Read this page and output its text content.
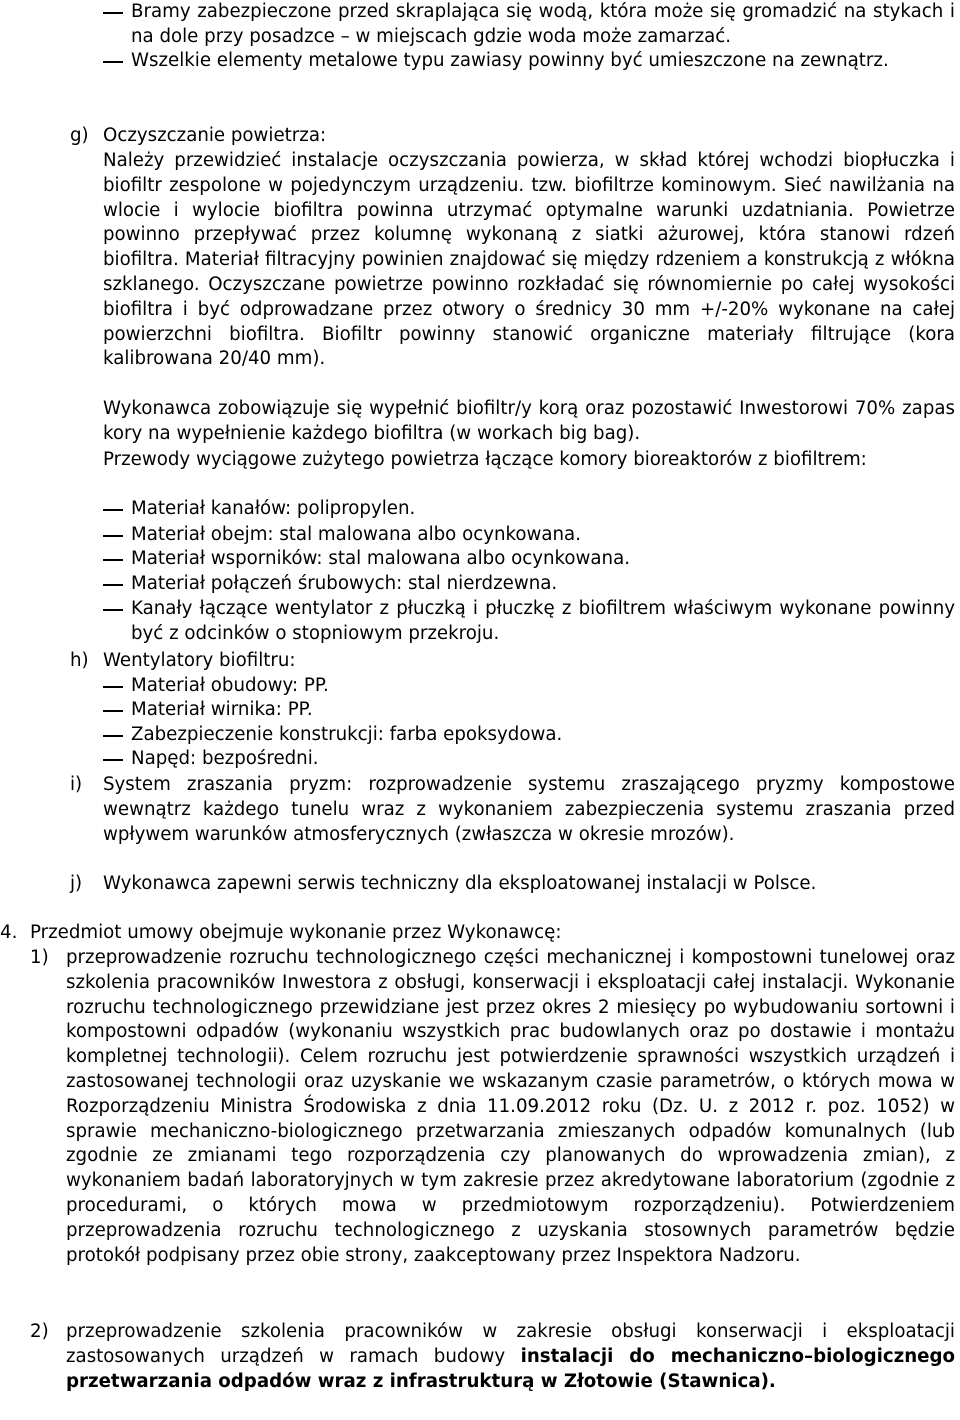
Bramy zabezpieczone przed skraplająca się wodą, która może się gromadzić na stykach i na dole przy posadzce – w miejscach gdzie woda może zamarzać.
Wszelkie elementy metalowe typu zawiasy powinny być umieszczone na zewnątrz.
g) Oczyszczanie powietrza:
Należy przewidzieć instalacje oczyszczania powierza, w skład której wchodzi biopłuczka i biofiltr zespolone w pojedynczym urządzeniu. tzw. biofiltrze kominowym. Sieć nawilżania na wlocie i wylocie biofiltra powinna utrzymać optymalne warunki uzdatniania. Powietrze powinno przepływać przez kolumnę wykonaną z siatki ażurowej, która stanowi rdzeń biofiltra. Materiał filtracyjny powinien znajdować się między rdzeniem a konstrukcją z włókna szklanego. Oczyszczane powietrze powinno rozkładać się równomiernie po całej wysokości biofiltra i być odprowadzane przez otwory o średnicy 30 mm +/-20% wykonane na całej powierzchni biofiltra. Biofiltr powinny stanowić organiczne materiały filtrujące (kora kalibrowana 20/40 mm).
Wykonawca zobowiązuje się wypełnić biofiltr/y korą oraz pozostawić Inwestorowi 70% zapas kory na wypełnienie każdego biofiltra (w workach big bag).
Przewody wyciągowe zużytego powietrza łączące komory bioreaktorów z biofiltrem:
Materiał kanałów: polipropylen.
Materiał obejm: stal malowana albo ocynkowana.
Materiał wsporników: stal malowana albo ocynkowana.
Materiał połączeń śrubowych: stal nierdzewna.
Kanały łączące wentylator z płuczką i płuczkę z biofiltrem właściwym wykonane powinny być z odcinków o stopniowym przekroju.
h) Wentylatory biofiltru:
Materiał obudowy: PP.
Materiał wirnika: PP.
Zabezpieczenie konstrukcji: farba epoksydowa.
Napęd: bezpośredni.
i) System zraszania pryzm: rozprowadzenie systemu zraszającego pryzmy kompostowe wewnątrz każdego tunelu wraz z wykonaniem zabezpieczenia systemu zraszania przed wpływem warunków atmosferycznych (zwłaszcza w okresie mrozów).
j) Wykonawca zapewni serwis techniczny dla eksploatowanej instalacji w Polsce.
4. Przedmiot umowy obejmuje wykonanie przez Wykonawcę:
1) przeprowadzenie rozruchu technologicznego części mechanicznej i kompostowni tunelowej oraz szkolenia pracowników Inwestora z obsługi, konserwacji i eksploatacji całej instalacji. Wykonanie rozruchu technologicznego przewidziane jest przez okres 2 miesięcy po wybudowaniu sortowni i kompostowni odpadów (wykonaniu wszystkich prac budowlanych oraz po dostawie i montażu kompletnej technologii). Celem rozruchu jest potwierdzenie sprawności wszystkich urządzeń i zastosowanej technologii oraz uzyskanie we wskazanym czasie parametrów, o których mowa w Rozporządzeniu Ministra Środowiska z dnia 11.09.2012 roku (Dz. U. z 2012 r. poz. 1052) w sprawie mechaniczno-biologicznego przetwarzania zmieszanych odpadów komunalnych (lub zgodnie ze zmianami tego rozporządzenia czy planowanych do wprowadzenia zmian), z wykonaniem badań laboratoryjnych w tym zakresie przez akredytowane laboratorium (zgodnie z procedurami, o których mowa w przedmiotowym rozporządzeniu). Potwierdzeniem przeprowadzenia rozruchu technologicznego z uzyskania stosownych parametrów będzie protokół podpisany przez obie strony, zaakceptowany przez Inspektora Nadzoru.
2) przeprowadzenie szkolenia pracowników w zakresie obsługi konserwacji i eksploatacji zastosowanych urządzeń w ramach budowy instalacji do mechaniczno–biologicznego przetwarzania odpadów wraz z infrastrukturą w Złotowie (Stawnica).
